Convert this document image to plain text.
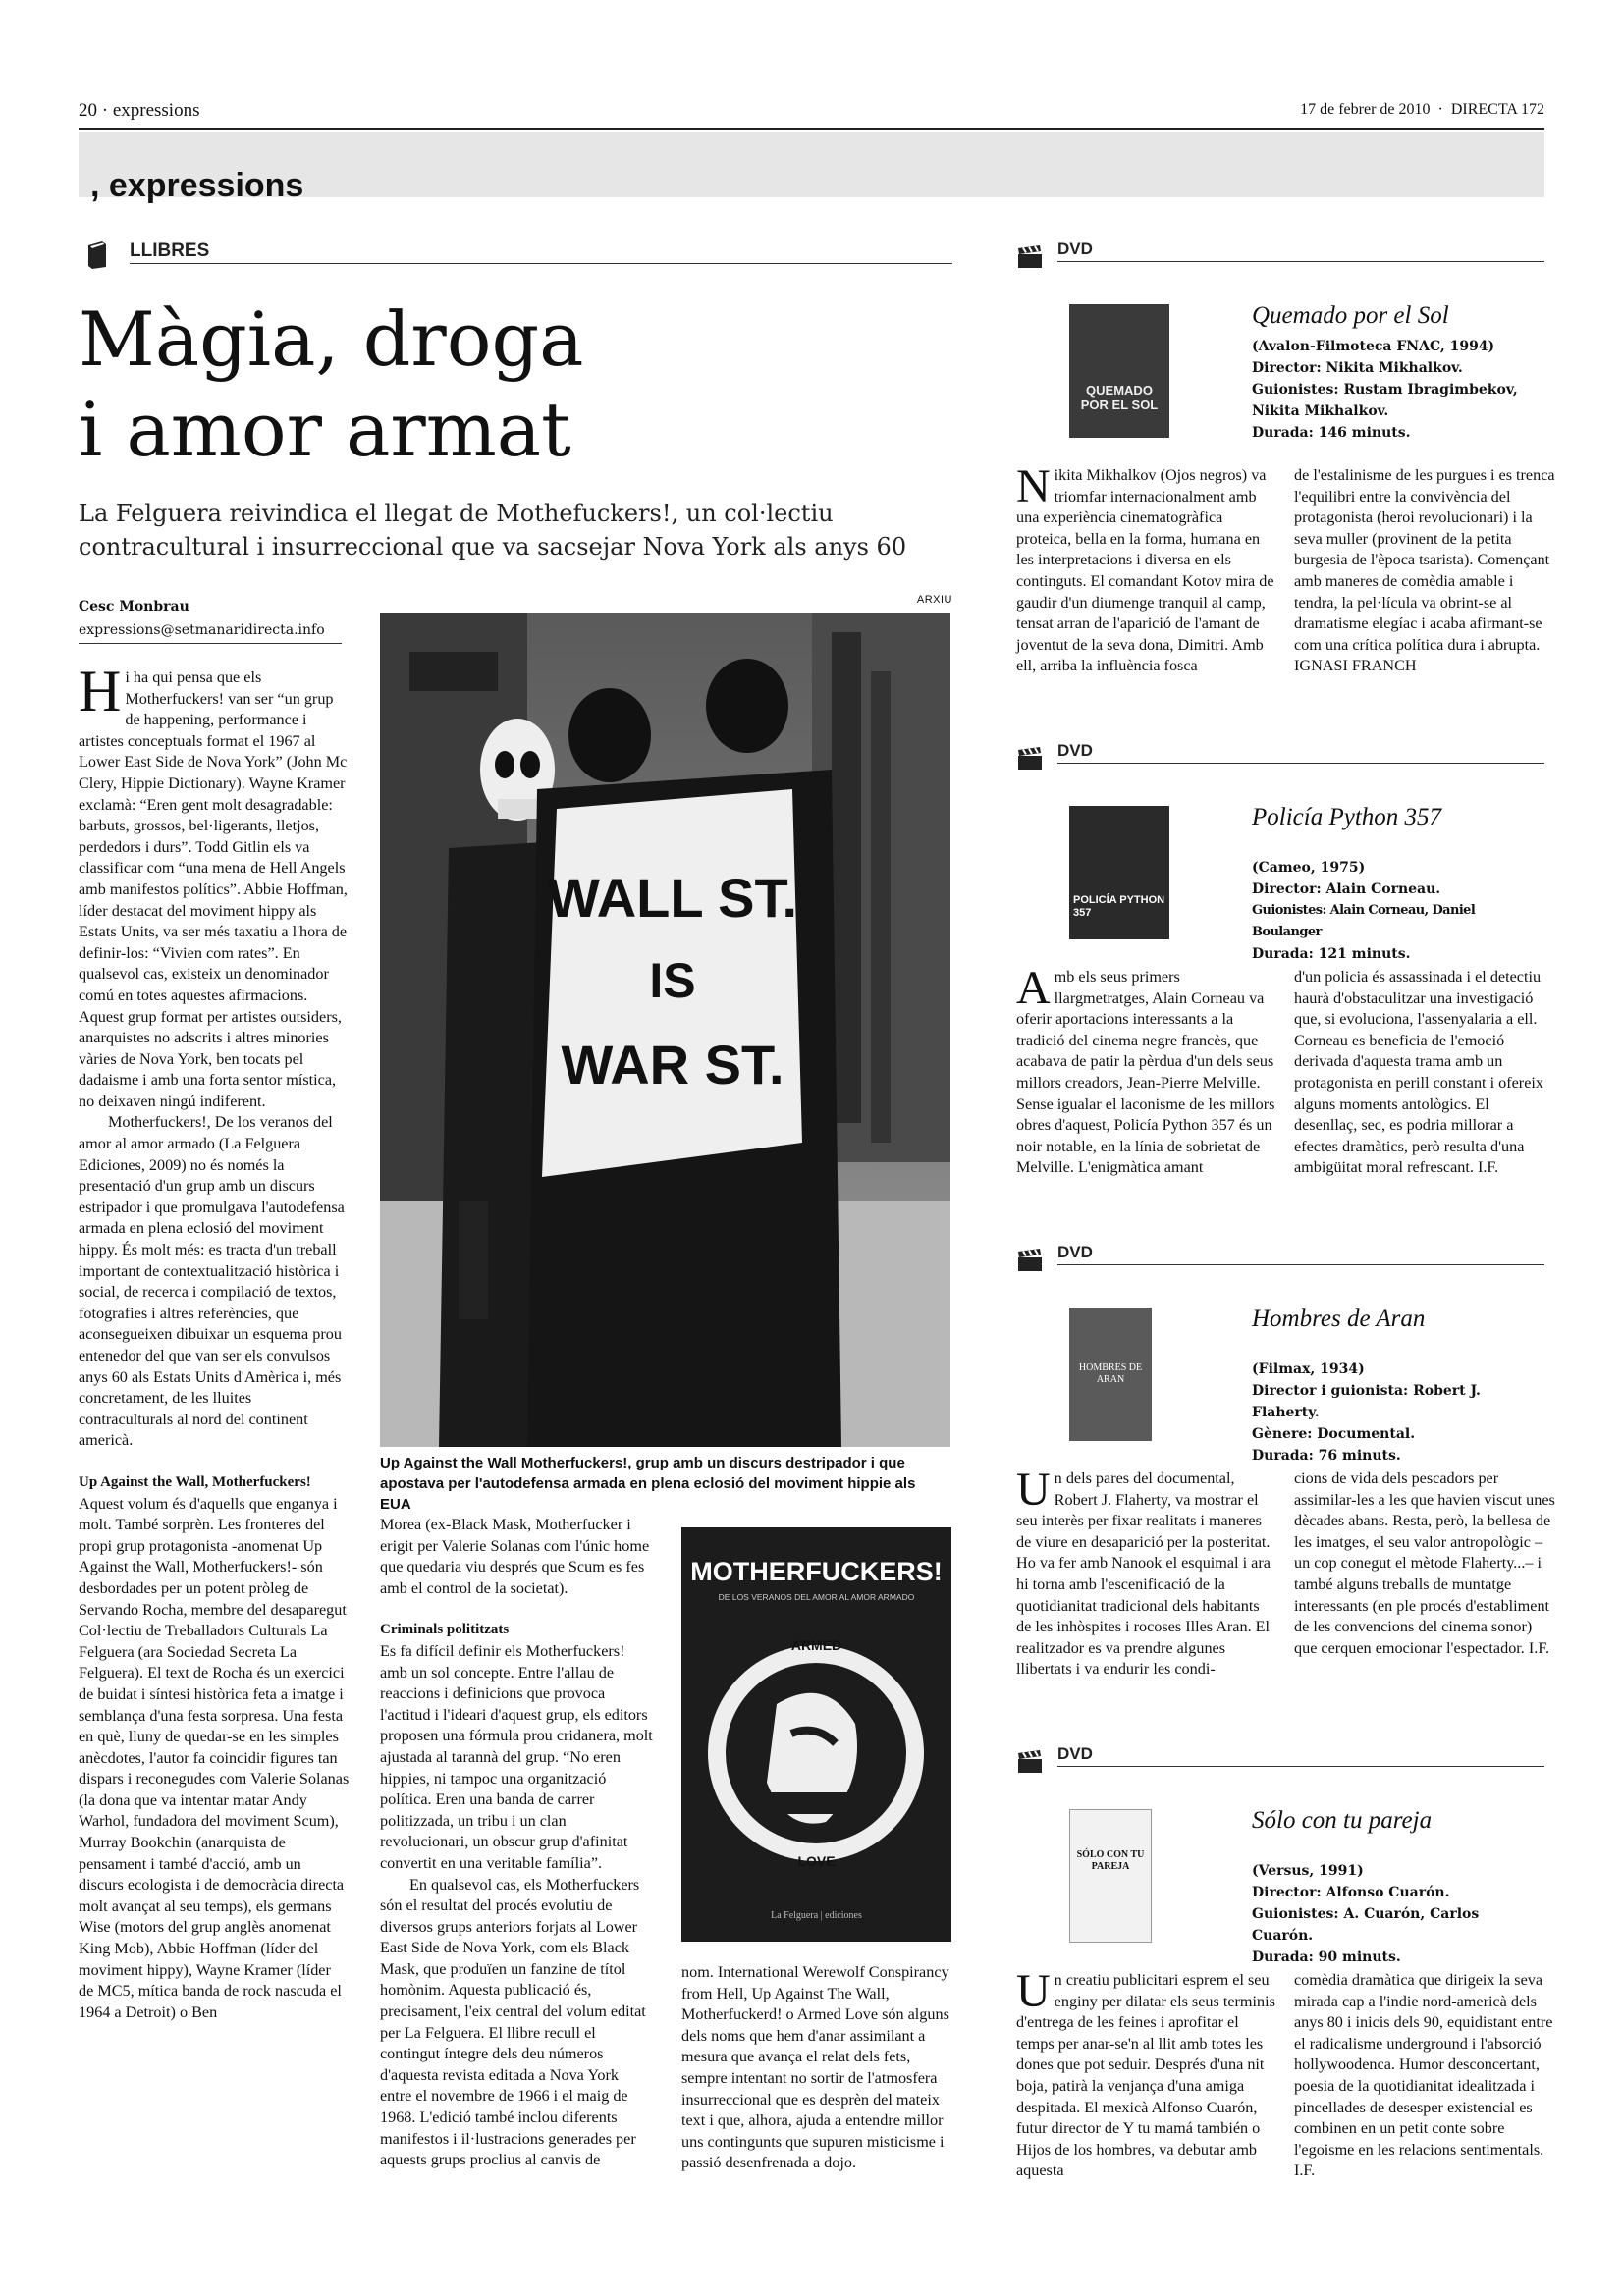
20 · expressions	17 de febrer de 2010  ·  DIRECTA 172
, expressions
LLIBRES
Màgia, droga
i amor armat
La Felguera reivindica el llegat de Mothefuckers!, un col·lectiu
contracultural i insurreccional que va sacsejar Nova York als anys 60
Cesc Monbrau
expressions@setmanaridirecta.info
ARXIU

Hi ha qui pensa que els Motherfuckers! van ser “un grup de happening, performance i artistes conceptuals format el 1967 al Lower East Side de Nova York” (John Mc Clery, Hippie Dictionary). Wayne Kramer exclamà: “Eren gent molt desagradable: barbuts, grossos, bel·ligerants, lletjos, perdedors i durs”. Todd Gitlin els va classificar com “una mena de Hell Angels amb manifestos polítics”. Abbie Hoffman, líder destacat del moviment hippy als Estats Units, va ser més taxatiu a l'hora de definir-los: “Vivien com rates”. En qualsevol cas, existeix un denominador comú en totes aquestes afirmacions. Aquest grup format per artistes outsiders, anarquistes no adscrits i altres minories vàries de Nova York, ben tocats pel dadaisme i amb una forta sentor mística, no deixaven ningú indiferent.

Motherfuckers!, De los veranos del amor al amor armado (La Felguera Ediciones, 2009) no és només la presentació d'un grup amb un discurs estripador i que promulgava l'autodefensa armada en plena eclosió del moviment hippy. És molt més: es tracta d'un treball important de contextualització històrica i social, de recerca i compilació de textos, fotografies i altres referències, que aconsegueixen dibuixar un esquema prou entenedor del que van ser els convulsos anys 60 als Estats Units d'Amèrica i, més concretament, de les lluites contraculturals al nord del continent americà.

Up Against the Wall, Motherfuckers!

Aquest volum és d'aquells que enganya i molt. També sorprèn. Les fronteres del propi grup protagonista -anomenat Up Against the Wall, Motherfuckers!- són desbordades per un potent pròleg de Servando Rocha, membre del desaparegut Col·lectiu de Treballadors Culturals La Felguera (ara Sociedad Secreta La Felguera). El text de Rocha és un exercici de buidat i síntesi històrica feta a imatge i semblança d'una festa sorpresa. Una festa en què, lluny de quedar-se en les simples anècdotes, l'autor fa coincidir figures tan dispars i reconegudes com Valerie Solanas (la dona que va intentar matar Andy Warhol, fundadora del moviment Scum), Murray Bookchin (anarquista de pensament i també d'acció, amb un discurs ecologista i de democràcia directa molt avançat al seu temps), els germans Wise (motors del grup anglès anomenat King Mob), Abbie Hoffman (líder del moviment hippy), Wayne Kramer (líder de MC5, mítica banda de rock nascuda el 1964 a Detroit) o Ben

WALL ST.
IS
WAR ST.
Up Against the Wall Motherfuckers!, grup amb un discurs destripador i que apostava per l'autodefensa armada en plena eclosió del moviment hippie als EUA

Morea (ex-Black Mask, Motherfucker i erigit per Valerie Solanas com l'únic home que quedaria viu després que Scum es fes amb el control de la societat).

Criminals polititzats

Es fa difícil definir els Motherfuckers! amb un sol concepte. Entre l'allau de reaccions i definicions que provoca l'actitud i l'ideari d'aquest grup, els editors proposen una fórmula prou cridanera, molt ajustada al tarannà del grup. “No eren hippies, ni tampoc una organització política. Eren una banda de carrer politizzada, un tribu i un clan revolucionari, un obscur grup d'afinitat convertit en una veritable família”.

En qualsevol cas, els Motherfuckers són el resultat del procés evolutiu de diversos grups anteriors forjats al Lower East Side de Nova York, com els Black Mask, que produïen un fanzine de títol homònim. Aquesta publicació és, precisament, l'eix central del volum editat per La Felguera. El llibre recull el contingut íntegre dels deu números d'aquesta revista editada a Nova York entre el novembre de 1966 i el maig de 1968. L'edició també inclou diferents manifestos i il·lustracions generades per aquests grups proclius al canvis de

MOTHERFUCKERS!
DE LOS VERANOS DEL AMOR AL AMOR ARMADO
ARMED
LOVE
La Felguera | ediciones

nom. International Werewolf Conspirancy from Hell, Up Against The Wall, Motherfuckerd! o Armed Love són alguns dels noms que hem d'anar assimilant a mesura que avança el relat dels fets, sempre intentant no sortir de l'atmosfera insurreccional que es desprèn del mateix text i que, alhora, ajuda a entendre millor uns contingunts que supuren misticisme i passió desenfrenada a dojo.

DVD
QUEMADO POR EL SOL
Quemado por el Sol
(Avalon-Filmoteca FNAC, 1994)
Director: Nikita Mikhalkov.
Guionistes: Rustam Ibragimbekov,
Nikita Mikhalkov.
Durada: 146 minuts.

Nikita Mikhalkov (Ojos negros) va triomfar internacionalment amb una experiència cinematogràfica proteica, bella en la forma, humana en les interpretacions i diversa en els continguts. El comandant Kotov mira de gaudir d'un diumenge tranquil al camp, tensat arran de l'aparició de l'amant de joventut de la seva dona, Dimitri. Amb ell, arriba la influència fosca

de l'estalinisme de les purgues i es trenca l'equilibri entre la convivència del protagonista (heroi revolucionari) i la seva muller (provinent de la petita burgesia de l'època tsarista). Començant amb maneres de comèdia amable i tendra, la pel·lícula va obrint-se al dramatisme elegíac i acaba afirmant-se com una crítica política dura i abrupta. IGNASI FRANCH

DVD
POLICÍA PYTHON 357
Policía Python 357
(Cameo, 1975)
Director: Alain Corneau.
Guionistes: Alain Corneau, Daniel Boulanger
Durada: 121 minuts.

Amb els seus primers llargmetratges, Alain Corneau va oferir aportacions interessants a la tradició del cinema negre francès, que acabava de patir la pèrdua d'un dels seus millors creadors, Jean-Pierre Melville. Sense igualar el laconisme de les millors obres d'aquest, Policía Python 357 és un noir notable, en la línia de sobrietat de Melville. L'enigmàtica amant

d'un policia és assassinada i el detectiu haurà d'obstaculitzar una investigació que, si evoluciona, l'assenyalaria a ell. Corneau es beneficia de l'emoció derivada d'aquesta trama amb un protagonista en perill constant i ofereix alguns moments antològics. El desenllaç, sec, es podria millorar a efectes dramàtics, però resulta d'una ambigüitat moral refrescant. I.F.

DVD
HOMBRES DE ARAN
Hombres de Aran
(Filmax, 1934)
Director i guionista: Robert J. Flaherty.
Gènere: Documental.
Durada: 76 minuts.

Un dels pares del documental, Robert J. Flaherty, va mostrar el seu interès per fixar realitats i maneres de viure en desaparició per la posteritat. Ho va fer amb Nanook el esquimal i ara hi torna amb l'escenificació de la quotidianitat tradicional dels habitants de les inhòspites i rocoses Illes Aran. El realitzador es va prendre algunes llibertats i va endurir les condi-

cions de vida dels pescadors per assimilar-les a les que havien viscut unes dècades abans. Resta, però, la bellesa de les imatges, el seu valor antropològic –un cop conegut el mètode Flaherty...– i també alguns treballs de muntatge interessants (en ple procés d'establiment de les convencions del cinema sonor) que cerquen emocionar l'espectador. I.F.

DVD
SÓLO CON TU PAREJA
Sólo con tu pareja
(Versus, 1991)
Director: Alfonso Cuarón.
Guionistes: A. Cuarón, Carlos Cuarón.
Durada: 90 minuts.

Un creatiu publicitari esprem el seu enginy per dilatar els seus terminis d'entrega de les feines i aprofitar el temps per anar-se'n al llit amb totes les dones que pot seduir. Després d'una nit boja, patirà la venjança d'una amiga despitada. El mexicà Alfonso Cuarón, futur director de Y tu mamá también o Hijos de los hombres, va debutar amb aquesta

comèdia dramàtica que dirigeix la seva mirada cap a l'indie nord-americà dels anys 80 i inicis dels 90, equidistant entre el radicalisme underground i l'absorció hollywoodenca. Humor desconcertant, poesia de la quotidianitat idealitzada i pincellades de desesper existencial es combinen en un petit conte sobre l'egoisme en les relacions sentimentals. I.F.
